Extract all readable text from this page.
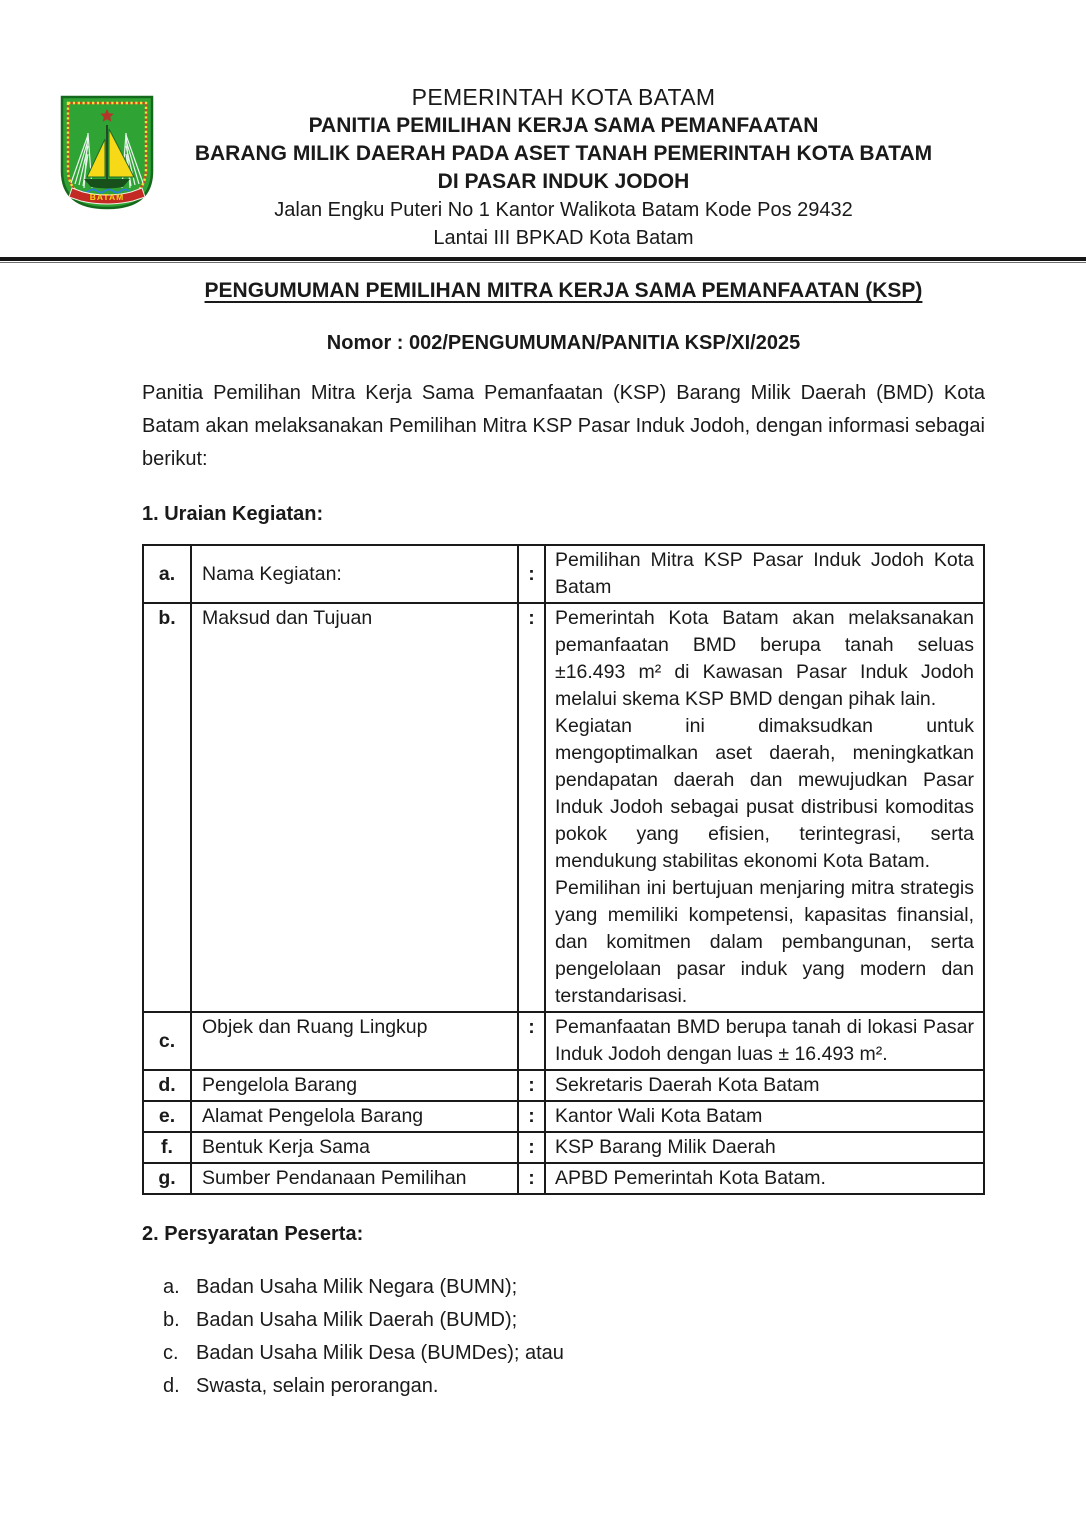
BATAM
PEMERINTAH KOTA BATAM
PANITIA PEMILIHAN KERJA SAMA PEMANFAATAN
BARANG MILIK DAERAH PADA ASET TANAH PEMERINTAH KOTA BATAM
DI PASAR INDUK JODOH
Jalan Engku Puteri No 1 Kantor Walikota Batam Kode Pos 29432
Lantai III BPKAD Kota Batam
PENGUMUMAN PEMILIHAN MITRA KERJA SAMA PEMANFAATAN (KSP)
Nomor : 002/PENGUMUMAN/PANITIA KSP/XI/2025

Panitia Pemilihan Mitra Kerja Sama Pemanfaatan (KSP) Barang Milik Daerah (BMD) Kota Batam akan melaksanakan Pemilihan Mitra KSP Pasar Induk Jodoh, dengan informasi sebagai berikut:

1. Uraian Kegiatan:
a.	Nama Kegiatan:	:	Pemilihan Mitra KSP Pasar Induk Jodoh Kota Batam

b.	Maksud dan Tujuan	:	Pemerintah Kota Batam akan melaksanakan pemanfaatan BMD berupa tanah seluas ±16.493 m² di Kawasan Pasar Induk Jodoh melalui skema KSP BMD dengan pihak lain.
Kegiatan ini dimaksudkan untuk mengoptimalkan aset daerah, meningkatkan pendapatan daerah dan mewujudkan Pasar Induk Jodoh sebagai pusat distribusi komoditas pokok yang efisien, terintegrasi, serta mendukung stabilitas ekonomi Kota Batam.
Pemilihan ini bertujuan menjaring mitra strategis yang memiliki kompetensi, kapasitas finansial, dan komitmen dalam pembangunan, serta pengelolaan pasar induk yang modern dan terstandarisasi.

c.	Objek dan Ruang Lingkup	:	Pemanfaatan BMD berupa tanah di lokasi Pasar Induk Jodoh dengan luas ± 16.493 m².

d.	Pengelola Barang	:	Sekretaris Daerah Kota Batam

e.	Alamat Pengelola Barang	:	Kantor Wali Kota Batam

f.	Bentuk Kerja Sama	:	KSP Barang Milik Daerah

g.	Sumber Pendanaan Pemilihan	:	APBD Pemerintah Kota Batam.
2. Persyaratan Peserta:
a. Badan Usaha Milik Negara (BUMN);
b. Badan Usaha Milik Daerah (BUMD);
c. Badan Usaha Milik Desa (BUMDes); atau
d. Swasta, selain perorangan.
